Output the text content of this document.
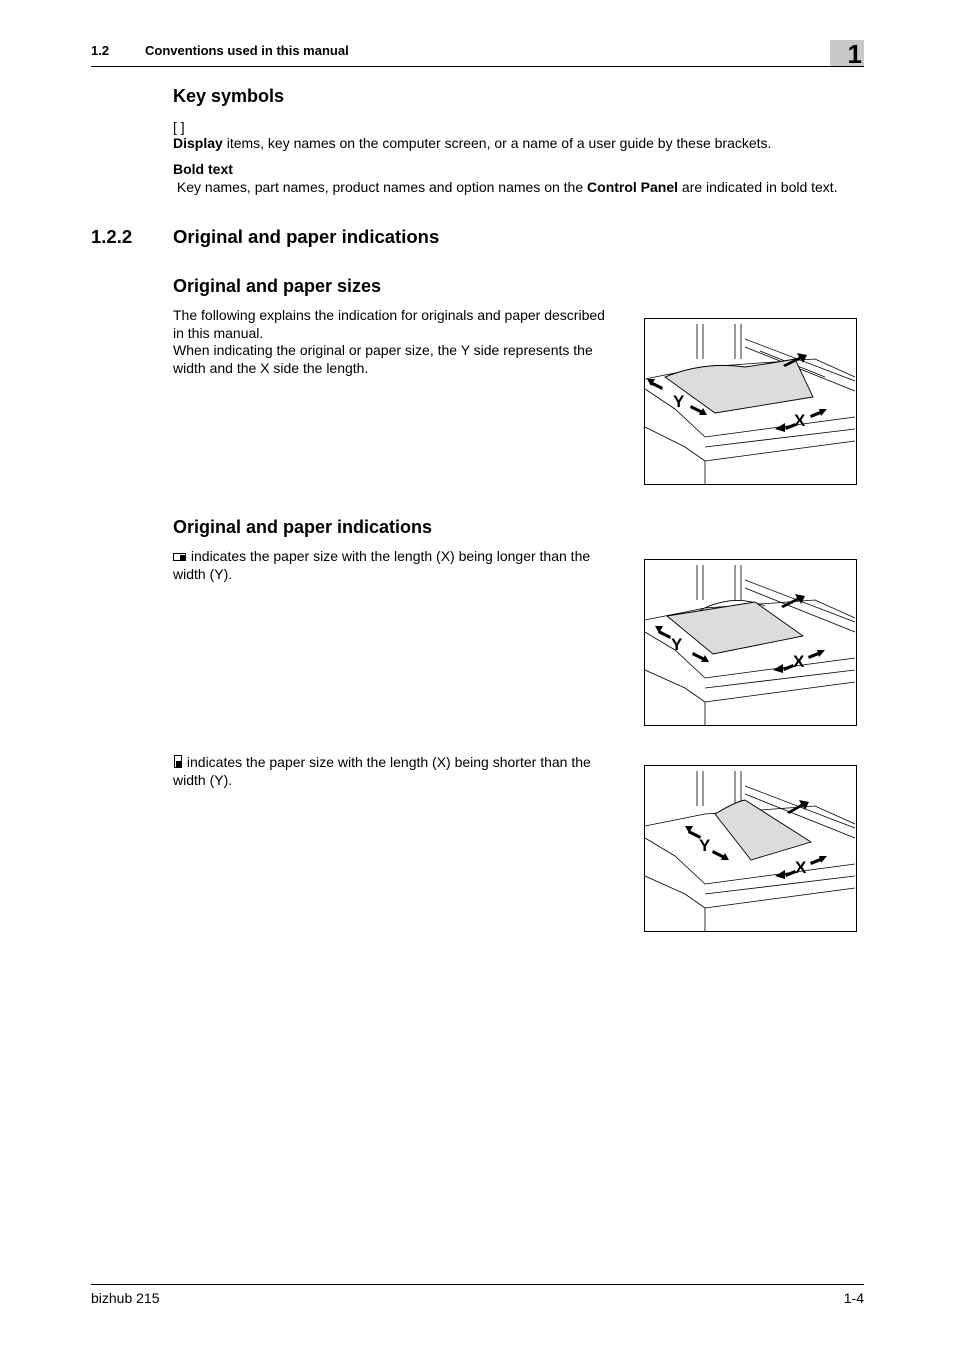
1.2	Conventions used in this manual	1
Key symbols
[ ]
Display items, key names on the computer screen, or a name of a user guide by these brackets.
Bold text
Key names, part names, product names and option names on the Control Panel are indicated in bold text.
1.2.2 Original and paper indications
Original and paper sizes
The following explains the indication for originals and paper described
in this manual.
When indicating the original or paper size, the Y side represents the
width and the X side the length.
Y
X
Original and paper indications
indicates the paper size with the length (X) being longer than the
width (Y).
Y
X
indicates the paper size with the length (X) being shorter than the
width (Y).
Y
X
bizhub 215	1-4
